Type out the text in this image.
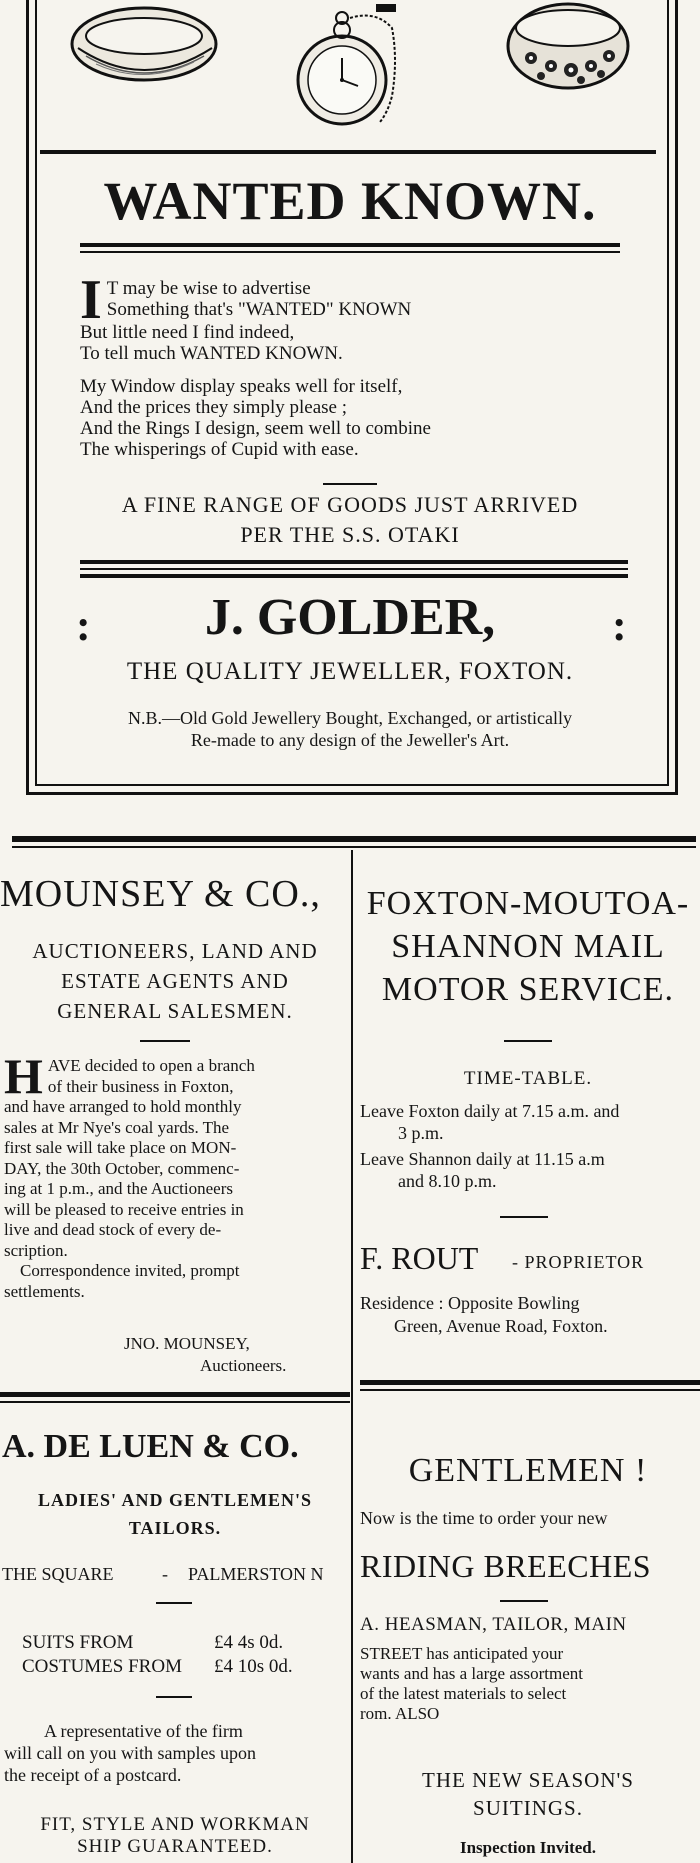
WANTED KNOWN.
I T may be wise to advertise
Something that's "WANTED" KNOWN
But little need I find indeed,
To tell much WANTED KNOWN.
My Window display speaks well for itself,
And the prices they simply please ;
And the Rings I design, seem well to combine
The whisperings of Cupid with ease.
A FINE RANGE OF GOODS JUST ARRIVED
PER THE S.S. OTAKI
:	:
J. GOLDER,
THE QUALITY JEWELLER, FOXTON.
N.B.—Old Gold Jewellery Bought, Exchanged, or artistically
Re-made to any design of the Jeweller's Art.
MOUNSEY & CO.,
AUCTIONEERS, LAND AND
ESTATE AGENTS AND
GENERAL SALESMEN.
H AVE decided to open a branch
of their business in Foxton,
and have arranged to hold monthly
sales at Mr Nye's coal yards. The
first sale will take place on MON-
DAY, the 30th October, commenc-
ing at 1 p.m., and the Auctioneers
will be pleased to receive entries in
live and dead stock of every de-
scription.
Correspondence invited, prompt
settlements.
JNO. MOUNSEY,
Auctioneers.
FOXTON-MOUTOA-
SHANNON MAIL
MOTOR SERVICE.
TIME-TABLE.
Leave Foxton daily at 7.15 a.m. and
3 p.m.
Leave Shannon daily at 11.15 a.m
and 8.10 p.m.
F. ROUT - PROPRIETOR
Residence : Opposite Bowling
Green, Avenue Road, Foxton.
A. DE LUEN & CO.
LADIES' AND GENTLEMEN'S
TAILORS.
THE SQUARE	- PALMERSTON N
SUITS FROM	£4 4s 0d.
COSTUMES FROM £4 10s 0d.
A representative of the firm
will call on you with samples upon
the receipt of a postcard.
FIT, STYLE AND WORKMAN
SHIP GUARANTEED.
GENTLEMEN !
Now is the time to order your new
RIDING BREECHES
A. HEASMAN, TAILOR, MAIN
STREET has anticipated your
wants and has a large assortment
of the latest materials to select
rom. ALSO
THE NEW SEASON'S
SUITINGS.
Inspection Invited.
